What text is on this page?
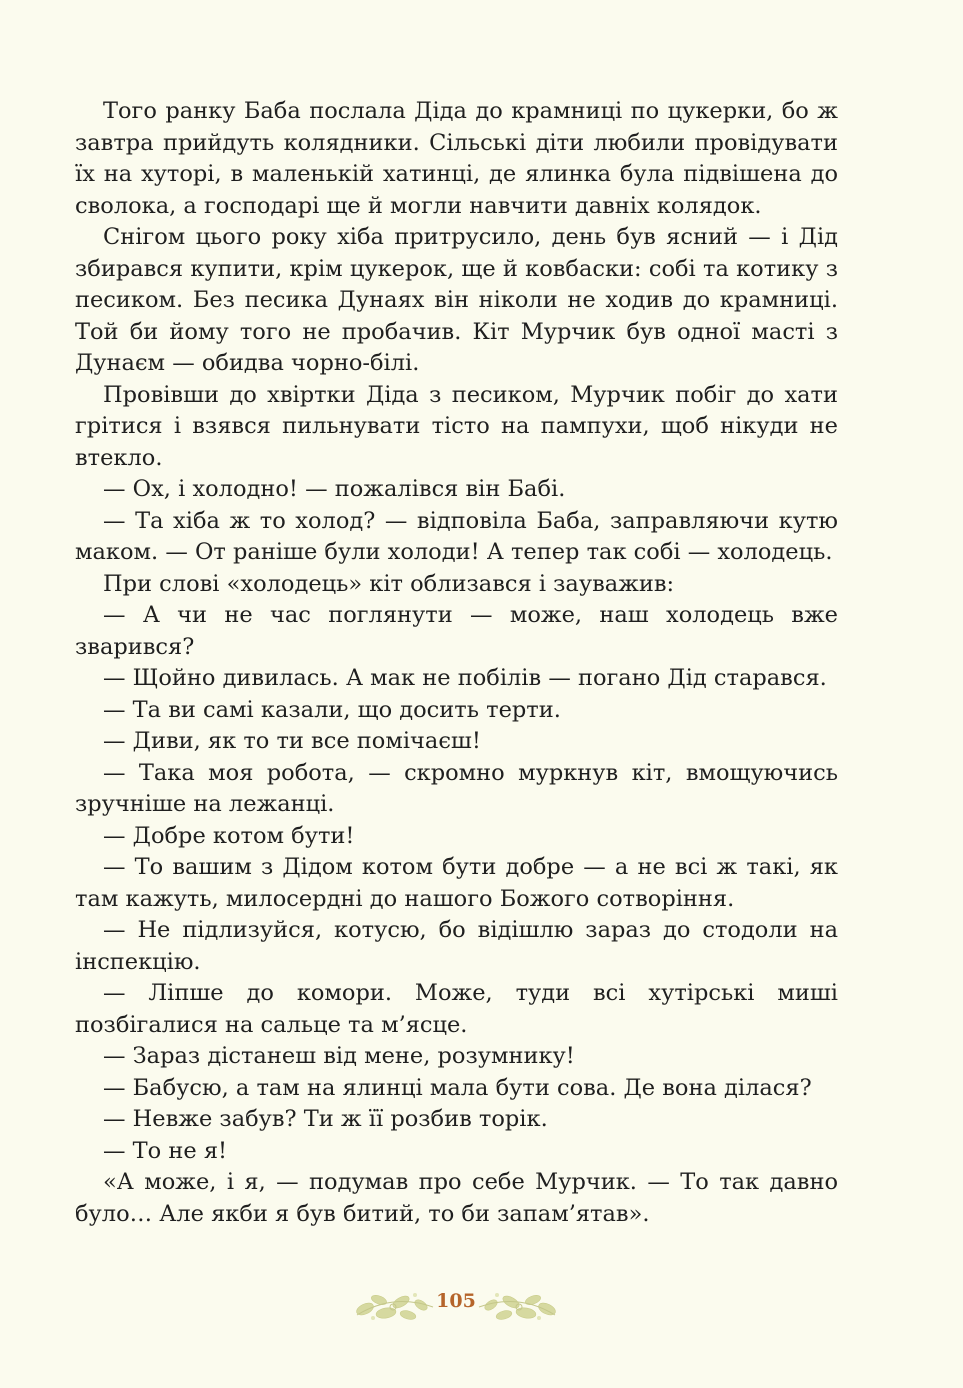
Того ранку Баба послала Діда до крамниці по цукерки, бо ж завтра прийдуть колядники. Сільські діти любили провідувати їх на хуторі, в маленькій хатинці, де ялинка була підвішена до сволока, а господарі ще й могли навчити давніх колядок.

Снігом цього року хіба притрусило, день був ясний — і Дід збирався купити, крім цукерок, ще й ковбаски: собі та котику з песиком. Без песика Дунаях він ніколи не ходив до крамниці. Той би йому того не пробачив. Кіт Мурчик був одної масті з Дунаєм — обидва чорно-білі.

Провівши до хвіртки Діда з песиком, Мурчик побіг до хати грітися і взявся пильнувати тісто на пампухи, щоб нікуди не втекло.

— Ох, і холодно! — пожалівся він Бабі.

— Та хіба ж то холод? — відповіла Баба, заправляючи кутю маком. — От раніше були холоди! А тепер так собі — холодець.

При слові «холодець» кіт облизався і зауважив:

— А чи не час поглянути — може, наш холодець вже зварився?

— Щойно дивилась. А мак не побілів — погано Дід старався.

— Та ви самі казали, що досить терти.

— Диви, як то ти все помічаєш!

— Така моя робота, — скромно муркнув кіт, вмощуючись зручніше на лежанці.

— Добре котом бути!

— То вашим з Дідом котом бути добре — а не всі ж такі, як там кажуть, милосердні до нашого Божого сотворіння.

— Не підлизуйся, котусю, бо відішлю зараз до стодоли на інспекцію.

— Ліпше до комори. Може, туди всі хутірські миші позбігалися на сальце та м’ясце.

— Зараз дістанеш від мене, розумнику!

— Бабусю, а там на ялинці мала бути сова. Де вона ділася?

— Невже забув? Ти ж її розбив торік.

— То не я!

«А може, і я, — подумав про себе Мурчик. — То так давно було… Але якби я був битий, то би запам’ятав».

105
